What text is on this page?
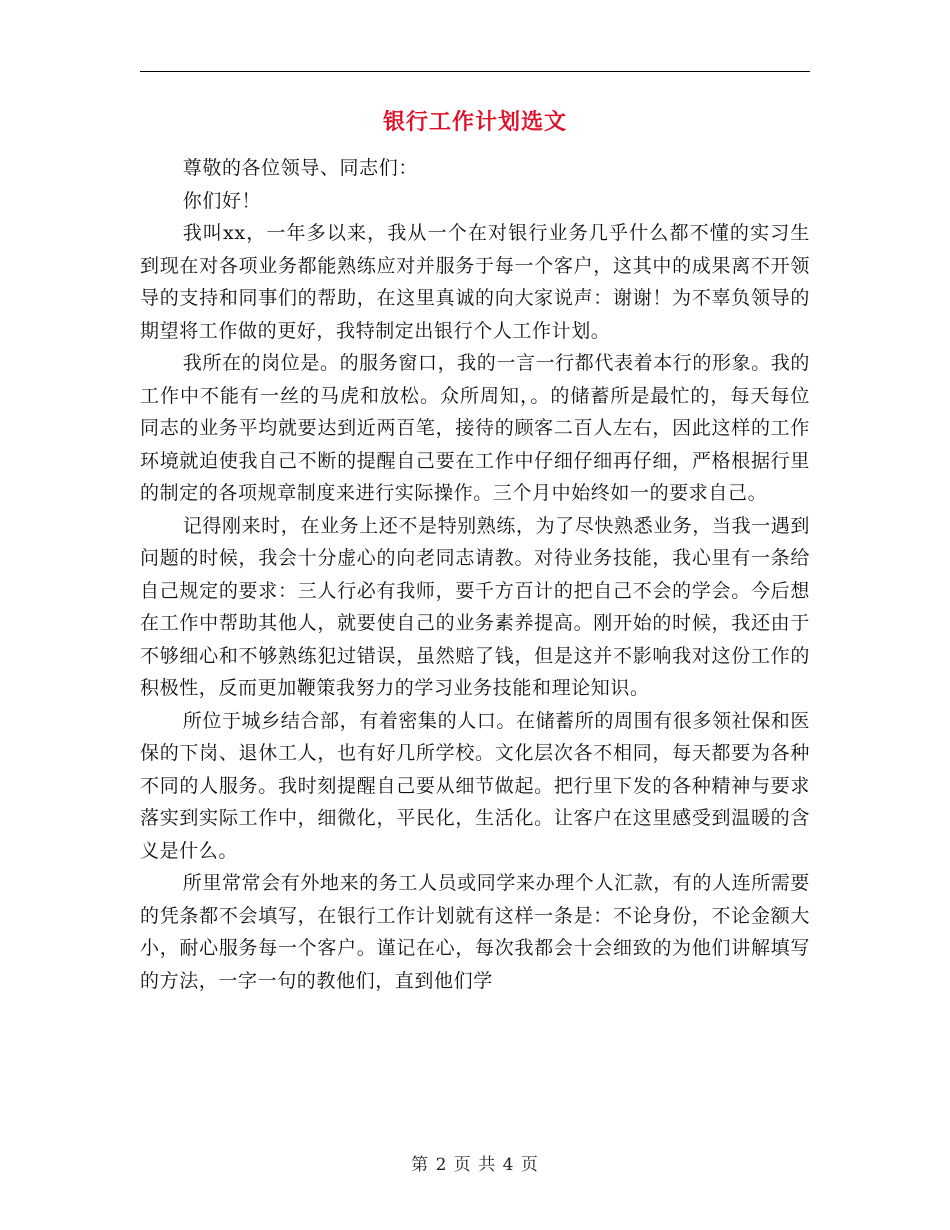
银行工作计划选文

尊敬的各位领导、同志们：

你们好！

我叫xx，一年多以来，我从一个在对银行业务几乎什么都不懂的实习生到现在对各项业务都能熟练应对并服务于每一个客户，这其中的成果离不开领导的支持和同事们的帮助，在这里真诚的向大家说声：谢谢！为不辜负领导的期望将工作做的更好，我特制定出银行个人工作计划。

我所在的岗位是。的服务窗口，我的一言一行都代表着本行的形象。我的工作中不能有一丝的马虎和放松。众所周知，。的储蓄所是最忙的，每天每位同志的业务平均就要达到近两百笔，接待的顾客二百人左右，因此这样的工作环境就迫使我自己不断的提醒自己要在工作中仔细仔细再仔细，严格根据行里的制定的各项规章制度来进行实际操作。三个月中始终如一的要求自己。

记得刚来时，在业务上还不是特别熟练，为了尽快熟悉业务，当我一遇到问题的时候，我会十分虚心的向老同志请教。对待业务技能，我心里有一条给自己规定的要求：三人行必有我师，要千方百计的把自己不会的学会。今后想在工作中帮助其他人，就要使自己的业务素养提高。刚开始的时候，我还由于不够细心和不够熟练犯过错误，虽然赔了钱，但是这并不影响我对这份工作的积极性，反而更加鞭策我努力的学习业务技能和理论知识。

所位于城乡结合部，有着密集的人口。在储蓄所的周围有很多领社保和医保的下岗、退休工人，也有好几所学校。文化层次各不相同，每天都要为各种不同的人服务。我时刻提醒自己要从细节做起。把行里下发的各种精神与要求落实到实际工作中，细微化，平民化，生活化。让客户在这里感受到温暖的含义是什么。

所里常常会有外地来的务工人员或同学来办理个人汇款，有的人连所需要的凭条都不会填写，在银行工作计划就有这样一条是：不论身份，不论金额大小，耐心服务每一个客户。谨记在心，每次我都会十会细致的为他们讲解填写的方法，一字一句的教他们，直到他们学

第 2 页 共 4 页
